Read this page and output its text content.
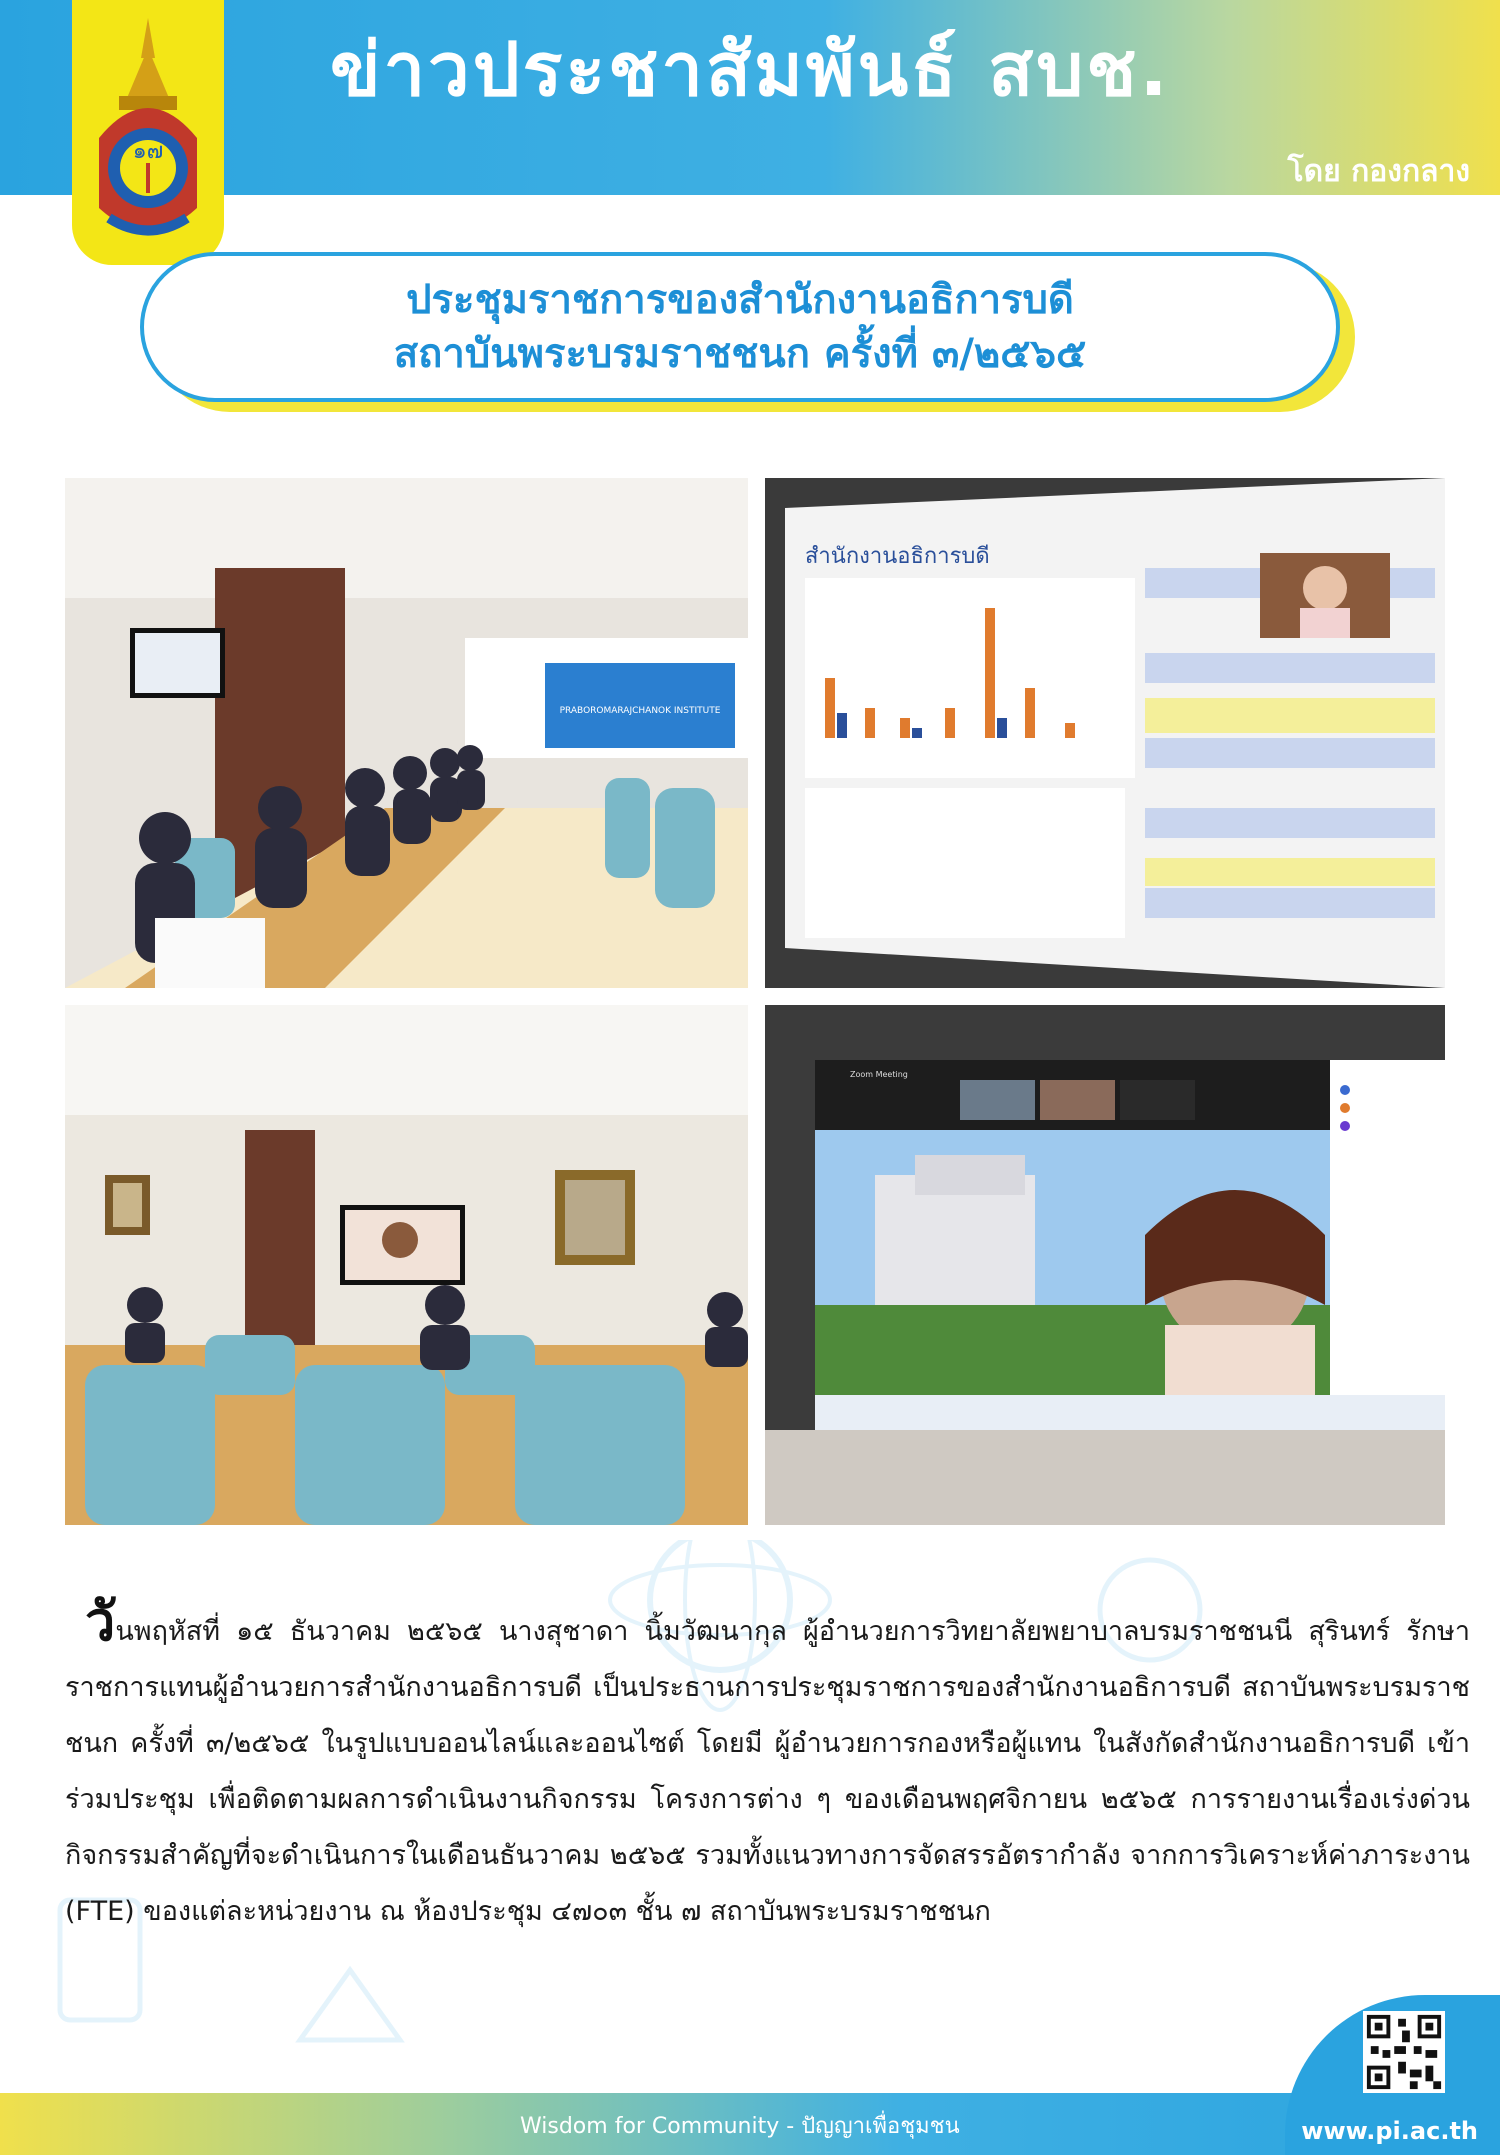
ข่าวประชาสัมพันธ์ สบช.
โดย กองกลาง
๑๗
ประชุมราชการของสำนักงานอธิการบดี
สถาบันพระบรมราชชนก ครั้งที่ ๓/๒๕๖๕
PRABOROMARAJCHANOK INSTITUTE
สำนักงานอธิการบดี
Zoom Meeting
วันพฤหัสที่ ๑๕ ธันวาคม ๒๕๖๕ นางสุชาดา นิ้มวัฒนากุล ผู้อำนวยการวิทยาลัยพยาบาลบรมราชชนนี สุรินทร์ รักษาราชการแทนผู้อำนวยการสำนักงานอธิการบดี เป็นประธานการประชุมราชการของสำนักงานอธิการบดี สถาบันพระบรมราชชนก ครั้งที่ ๓/๒๕๖๕ ในรูปแบบออนไลน์และออนไซต์ โดยมี ผู้อำนวยการกองหรือผู้แทน ในสังกัดสำนักงานอธิการบดี เข้าร่วมประชุม เพื่อติดตามผลการดำเนินงานกิจกรรม โครงการต่าง ๆ ของเดือนพฤศจิกายน ๒๕๖๕ การรายงานเรื่องเร่งด่วน กิจกรรมสำคัญที่จะดำเนินการในเดือนธันวาคม ๒๕๖๕ รวมทั้งแนวทางการจัดสรรอัตรากำลัง จากการวิเคราะห์ค่าภาระงาน (FTE) ของแต่ละหน่วยงาน ณ ห้องประชุม ๔๗๐๓ ชั้น ๗ สถาบันพระบรมราชชนก
Wisdom for Community - ปัญญาเพื่อชุมชน	www.pi.ac.th
